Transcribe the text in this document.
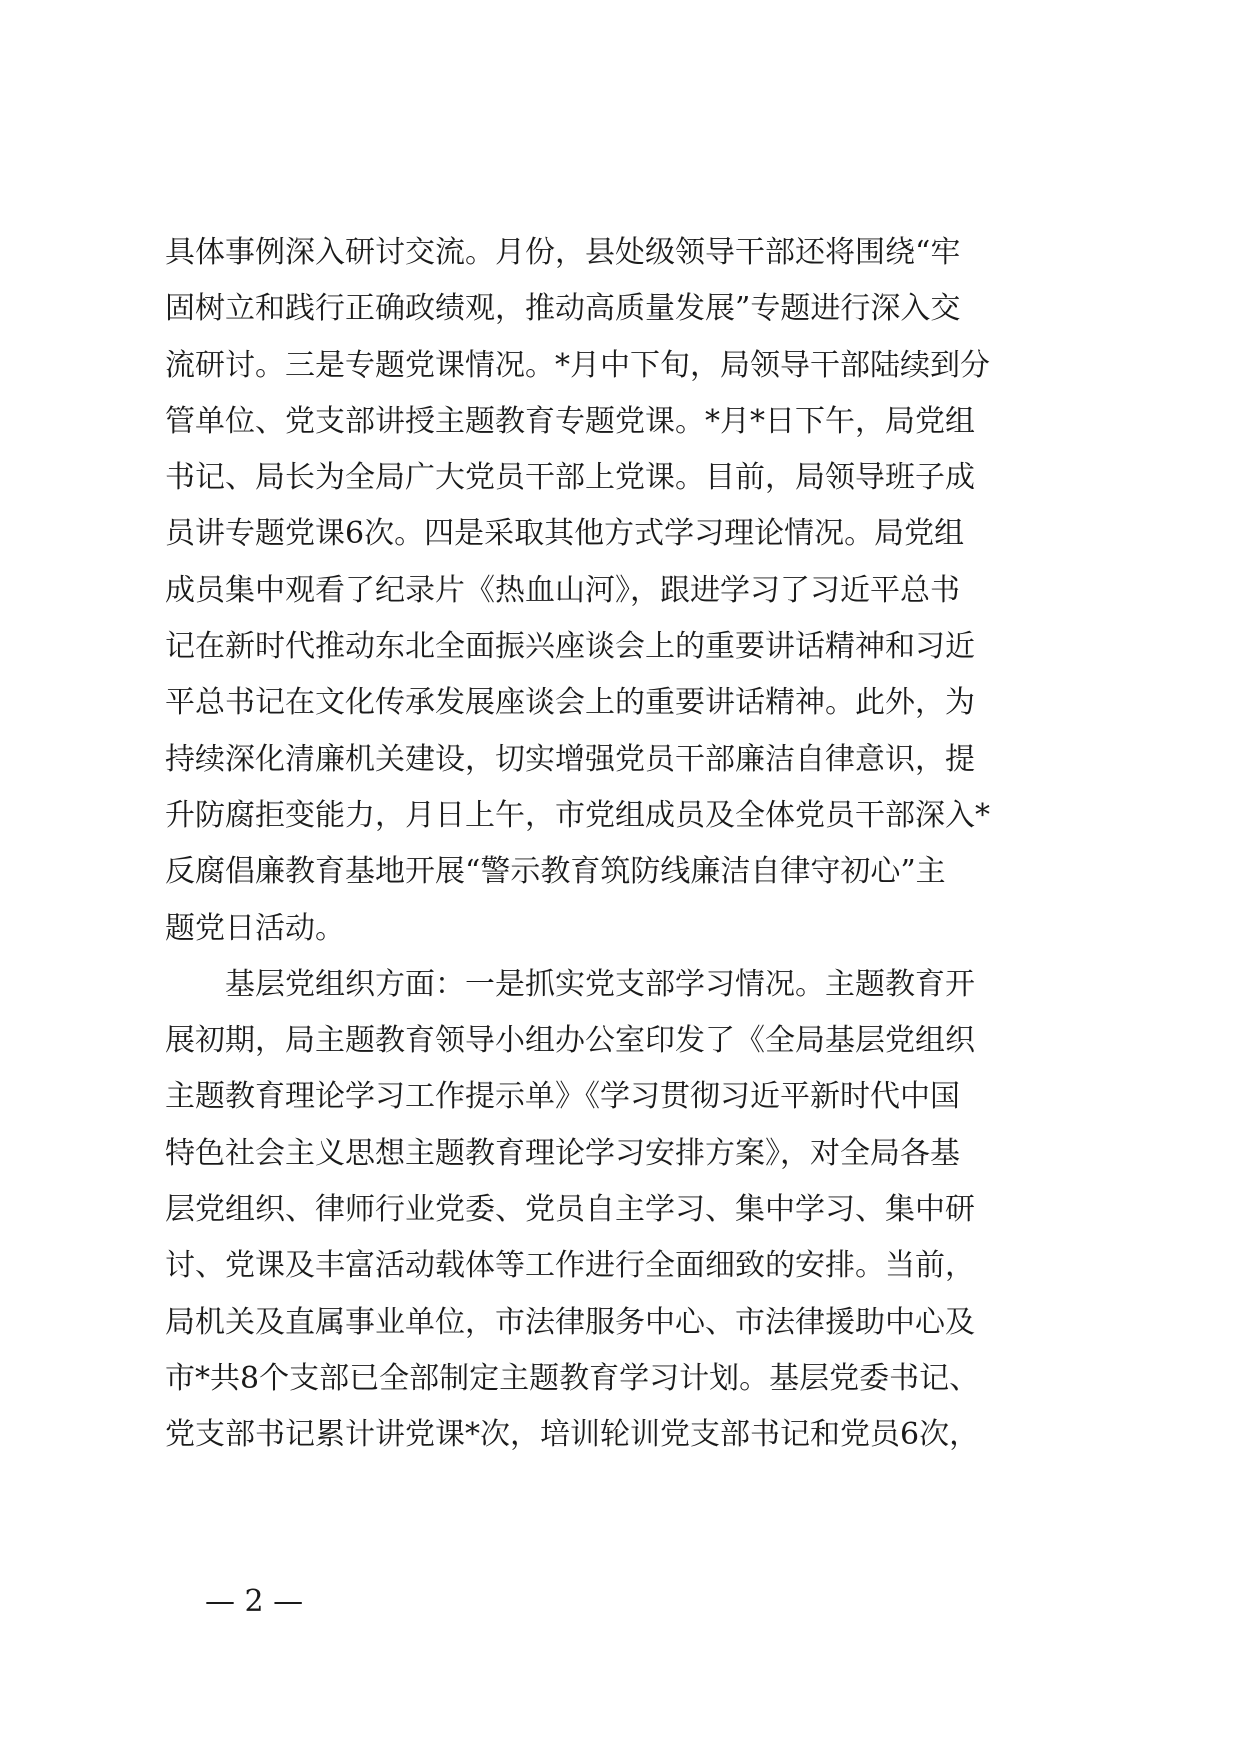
具体事例深入研讨交流。月份，县处级领导干部还将围绕“牢
固树立和践行正确政绩观，推动高质量发展”专题进行深入交
流研讨。三是专题党课情况。*月中下旬，局领导干部陆续到分
管单位、党支部讲授主题教育专题党课。*月*日下午，局党组
书记、局长为全局广大党员干部上党课。目前，局领导班子成
员讲专题党课6次。四是采取其他方式学习理论情况。局党组
成员集中观看了纪录片《热血山河》，跟进学习了习近平总书
记在新时代推动东北全面振兴座谈会上的重要讲话精神和习近
平总书记在文化传承发展座谈会上的重要讲话精神。此外，为
持续深化清廉机关建设，切实增强党员干部廉洁自律意识，提
升防腐拒变能力，月日上午，市党组成员及全体党员干部深入*
反腐倡廉教育基地开展“警示教育筑防线廉洁自律守初心”主
题党日活动。
　　基层党组织方面：一是抓实党支部学习情况。主题教育开
展初期，局主题教育领导小组办公室印发了《全局基层党组织
主题教育理论学习工作提示单》《学习贯彻习近平新时代中国
特色社会主义思想主题教育理论学习安排方案》，对全局各基
层党组织、律师行业党委、党员自主学习、集中学习、集中研
讨、党课及丰富活动载体等工作进行全面细致的安排。当前，
局机关及直属事业单位，市法律服务中心、市法律援助中心及
市*共8个支部已全部制定主题教育学习计划。基层党委书记、
党支部书记累计讲党课*次，培训轮训党支部书记和党员6次，
— 2 —
